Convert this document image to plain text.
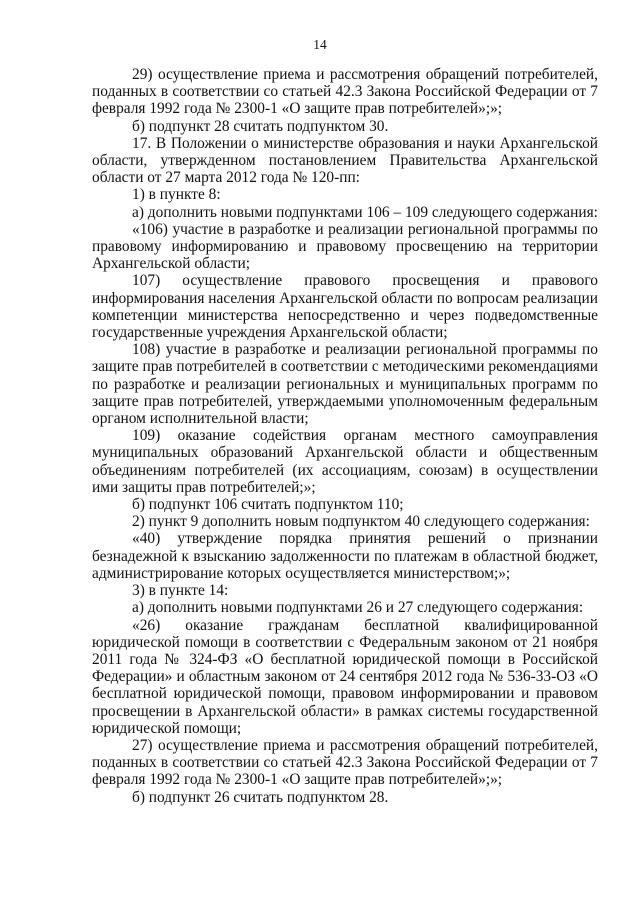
14

29) осуществление приема и рассмотрения обращений потребителей, поданных в соответствии со статьей 42.3 Закона Российской Федерации от 7 февраля 1992 года № 2300-1 «О защите прав потребителей»;»;

б) подпункт 28 считать подпунктом 30.

17. В Положении о министерстве образования и науки Архангельской области, утвержденном постановлением Правительства Архангельской области от 27 марта 2012 года № 120-пп:

1) в пункте 8:

а) дополнить новыми подпунктами 106 – 109 следующего содержания:

«106) участие в разработке и реализации региональной программы по правовому информированию и правовому просвещению на территории Архангельской области;

107) осуществление правового просвещения и правового информирования населения Архангельской области по вопросам реализации компетенции министерства непосредственно и через подведомственные государственные учреждения Архангельской области;

108) участие в разработке и реализации региональной программы по защите прав потребителей в соответствии с методическими рекомендациями по разработке и реализации региональных и муниципальных программ по защите прав потребителей, утверждаемыми уполномоченным федеральным органом исполнительной власти;

109) оказание содействия органам местного самоуправления муниципальных образований Архангельской области и общественным объединениям потребителей (их ассоциациям, союзам) в осуществлении ими защиты прав потребителей;»;

б) подпункт 106 считать подпунктом 110;

2) пункт 9 дополнить новым подпунктом 40 следующего содержания:

«40) утверждение порядка принятия решений о признании безнадежной к взысканию задолженности по платежам в областной бюджет, администрирование которых осуществляется министерством;»;

3) в пункте 14:

а) дополнить новыми подпунктами 26 и 27 следующего содержания:

«26) оказание гражданам бесплатной квалифицированной юридической помощи в соответствии с Федеральным законом от 21 ноября 2011 года № 324-ФЗ «О бесплатной юридической помощи в Российской Федерации» и областным законом от 24 сентября 2012 года № 536-33-ОЗ «О бесплатной юридической помощи, правовом информировании и правовом просвещении в Архангельской области» в рамках системы государственной юридической помощи;

27) осуществление приема и рассмотрения обращений потребителей, поданных в соответствии со статьей 42.3 Закона Российской Федерации от 7 февраля 1992 года № 2300-1 «О защите прав потребителей»;»;

б) подпункт 26 считать подпунктом 28.
